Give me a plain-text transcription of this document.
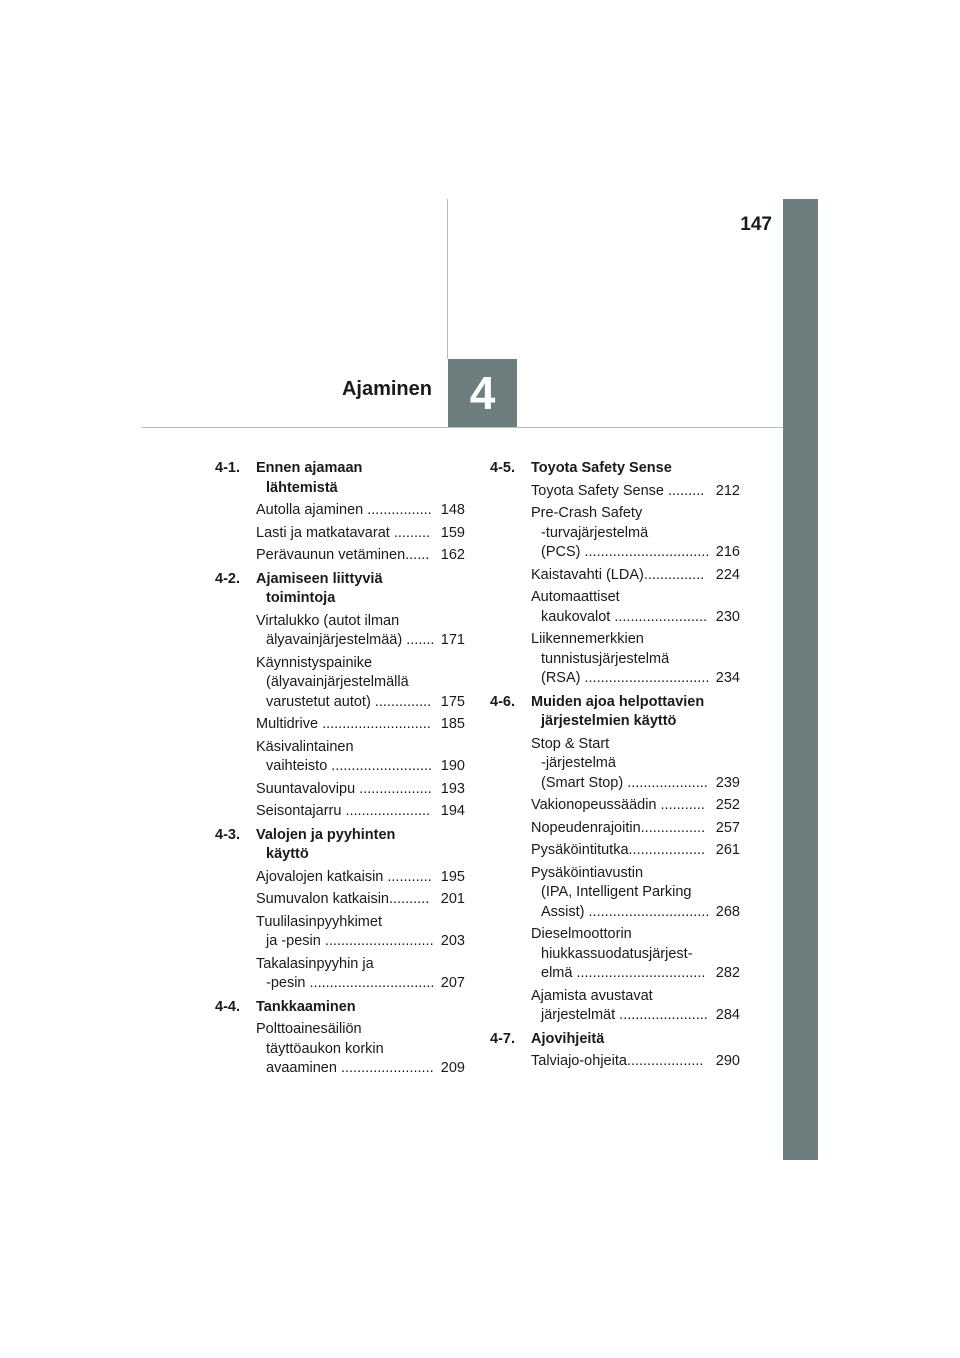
147
Ajaminen 4
4-1. Ennen ajamaan
lähtemistä
Autolla ajaminen ................ 148
Lasti ja matkatavarat ......... 159
Perävaunun vetäminen...... 162
4-2. Ajamiseen liittyviä
toimintoja
Virtalukko (autot ilman
älyavainjärjestelmää) ....... 171
Käynnistyspainike
(älyavainjärjestelmällä
varustetut autot) .............. 175
Multidrive ........................... 185
Käsivalintainen
vaihteisto ......................... 190
Suuntavalovipu .................. 193
Seisontajarru ..................... 194
4-3. Valojen ja pyyhinten
käyttö
Ajovalojen katkaisin ........... 195
Sumuvalon katkaisin.......... 201
Tuulilasinpyyhkimet
ja -pesin ........................... 203
Takalasinpyyhin ja
-pesin ............................... 207
4-4. Tankkaaminen
Polttoainesäiliön
täyttöaukon korkin
avaaminen ....................... 209
4-5. Toyota Safety Sense
Toyota Safety Sense ......... 212
Pre-Crash Safety
-turvajärjestelmä
(PCS) ............................... 216
Kaistavahti (LDA)............... 224
Automaattiset
kaukovalot ....................... 230
Liikennemerkkien
tunnistusjärjestelmä
(RSA) ............................... 234
4-6. Muiden ajoa helpottavien
järjestelmien käyttö
Stop & Start
-järjestelmä
(Smart Stop) .................... 239
Vakionopeussäädin ........... 252
Nopeudenrajoitin................ 257
Pysäköintitutka................... 261
Pysäköintiavustin
(IPA, Intelligent Parking
Assist) .............................. 268
Dieselmoottorin
hiukkassuodatusjärjest-
elmä ................................ 282
Ajamista avustavat
järjestelmät ...................... 284
4-7. Ajovihjeitä
Talviajo-ohjeita................... 290
